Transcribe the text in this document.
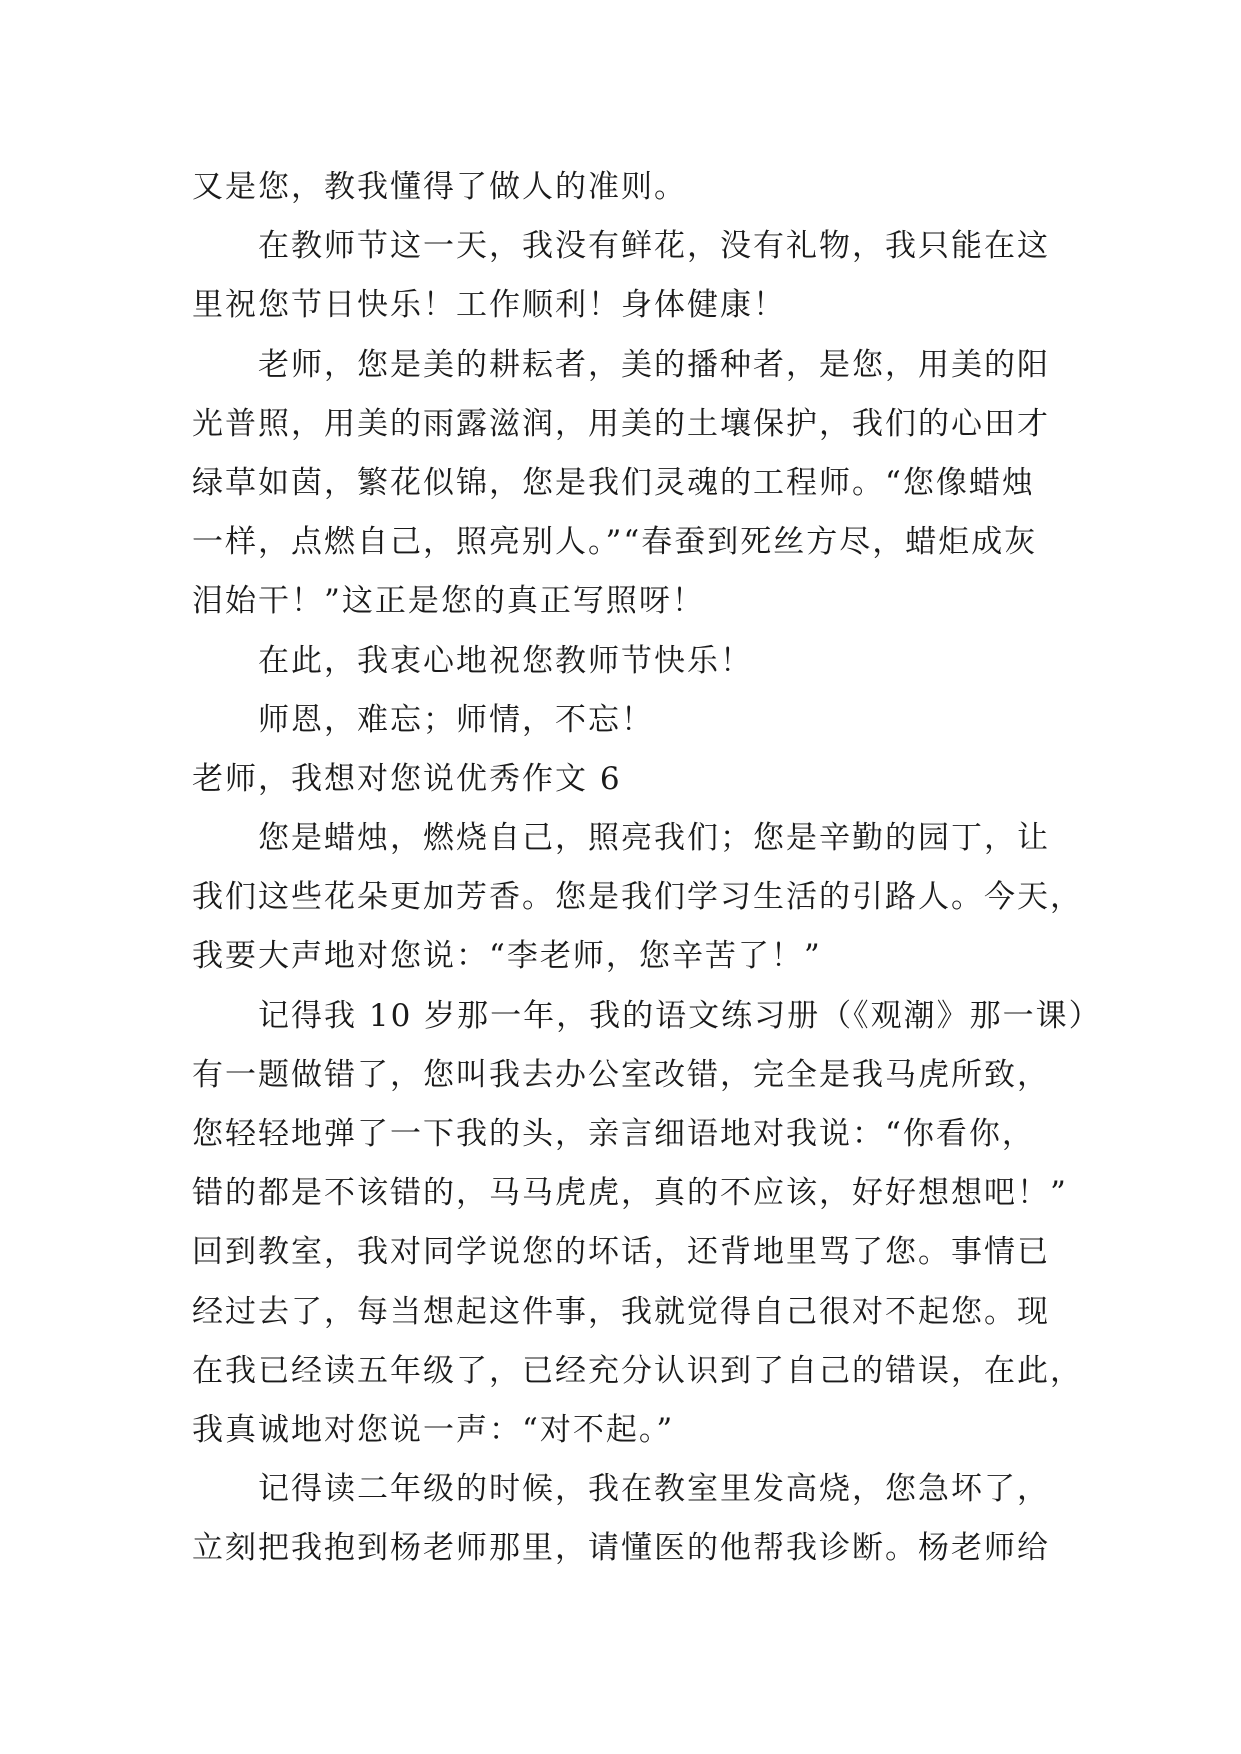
又是您，教我懂得了做人的准则。

在教师节这一天，我没有鲜花，没有礼物，我只能在这

里祝您节日快乐！工作顺利！身体健康！

老师，您是美的耕耘者，美的播种者，是您，用美的阳

光普照，用美的雨露滋润，用美的土壤保护，我们的心田才

绿草如茵，繁花似锦，您是我们灵魂的工程师。“您像蜡烛

一样，点燃自己，照亮别人。”“春蚕到死丝方尽，蜡炬成灰

泪始干！”这正是您的真正写照呀！

在此，我衷心地祝您教师节快乐！

师恩，难忘；师情，不忘！

老师，我想对您说优秀作文 6

您是蜡烛，燃烧自己，照亮我们；您是辛勤的园丁，让

我们这些花朵更加芳香。您是我们学习生活的引路人。今天，

我要大声地对您说：“李老师，您辛苦了！”

记得我 10 岁那一年，我的语文练习册（《观潮》那一课）

有一题做错了，您叫我去办公室改错，完全是我马虎所致，

您轻轻地弹了一下我的头，亲言细语地对我说：“你看你，

错的都是不该错的，马马虎虎，真的不应该，好好想想吧！”

回到教室，我对同学说您的坏话，还背地里骂了您。事情已

经过去了，每当想起这件事，我就觉得自己很对不起您。现

在我已经读五年级了，已经充分认识到了自己的错误，在此，

我真诚地对您说一声：“对不起。”

记得读二年级的时候，我在教室里发高烧，您急坏了，

立刻把我抱到杨老师那里，请懂医的他帮我诊断。杨老师给
